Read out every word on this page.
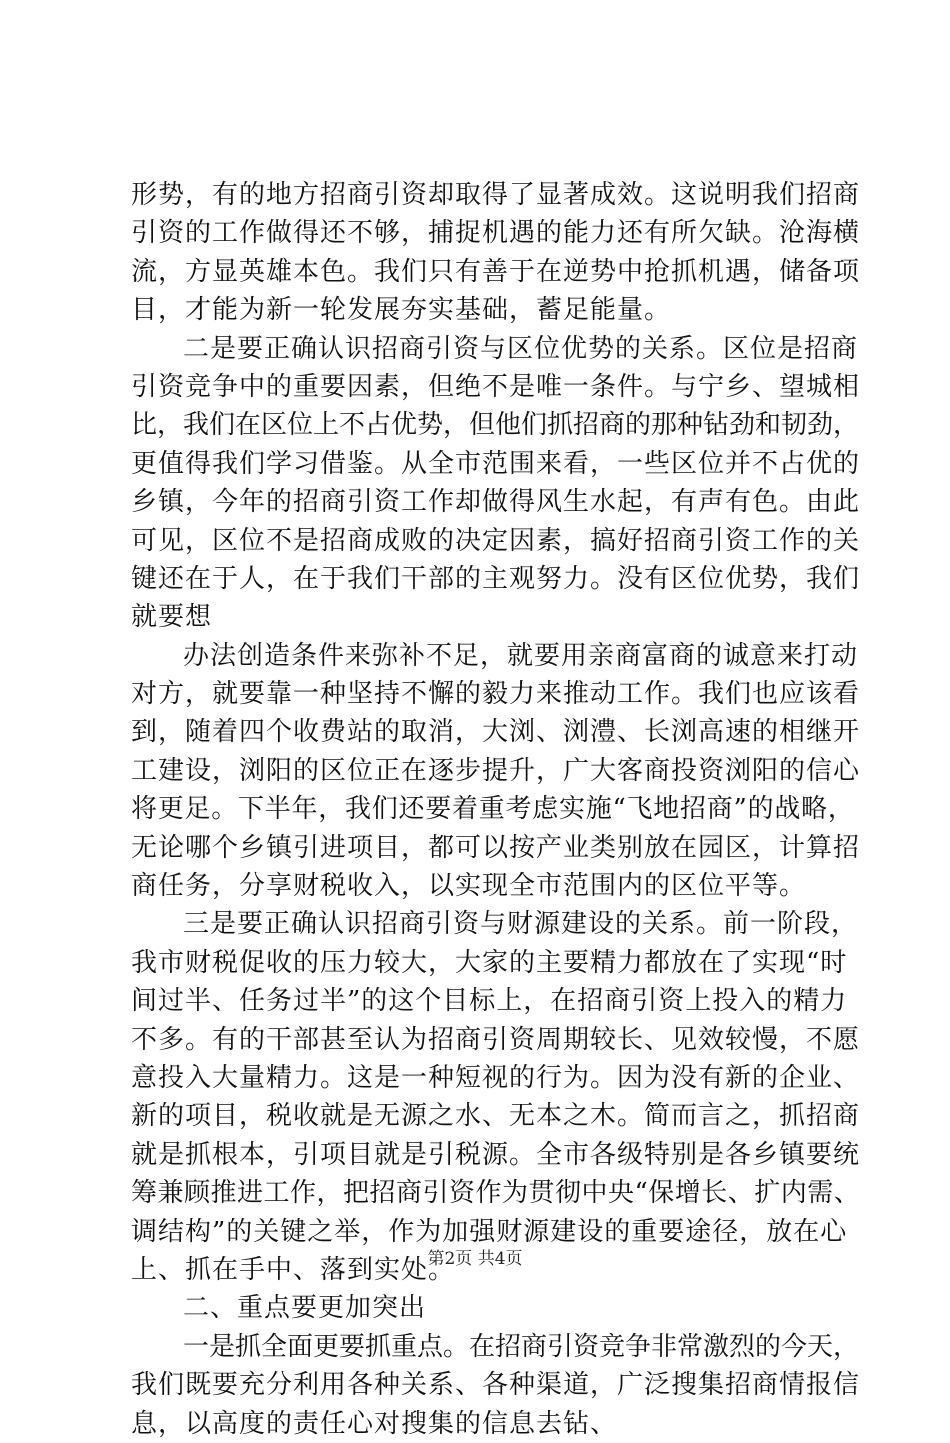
形势，有的地方招商引资却取得了显著成效。这说明我们招商
引资的工作做得还不够，捕捉机遇的能力还有所欠缺。沧海横
流，方显英雄本色。我们只有善于在逆势中抢抓机遇，储备项
目，才能为新一轮发展夯实基础，蓄足能量。
二是要正确认识招商引资与区位优势的关系。区位是招商
引资竞争中的重要因素，但绝不是唯一条件。与宁乡、望城相
比，我们在区位上不占优势，但他们抓招商的那种钻劲和韧劲，
更值得我们学习借鉴。从全市范围来看，一些区位并不占优的
乡镇，今年的招商引资工作却做得风生水起，有声有色。由此
可见，区位不是招商成败的决定因素，搞好招商引资工作的关
键还在于人，在于我们干部的主观努力。没有区位优势，我们
就要想
办法创造条件来弥补不足，就要用亲商富商的诚意来打动
对方，就要靠一种坚持不懈的毅力来推动工作。我们也应该看
到，随着四个收费站的取消，大浏、浏澧、长浏高速的相继开
工建设，浏阳的区位正在逐步提升，广大客商投资浏阳的信心
将更足。下半年，我们还要着重考虑实施“飞地招商”的战略，
无论哪个乡镇引进项目，都可以按产业类别放在园区，计算招
商任务，分享财税收入，以实现全市范围内的区位平等。
三是要正确认识招商引资与财源建设的关系。前一阶段，
我市财税促收的压力较大，大家的主要精力都放在了实现“时
间过半、任务过半”的这个目标上，在招商引资上投入的精力
不多。有的干部甚至认为招商引资周期较长、见效较慢，不愿
意投入大量精力。这是一种短视的行为。因为没有新的企业、
新的项目，税收就是无源之水、无本之木。简而言之，抓招商
就是抓根本，引项目就是引税源。全市各级特别是各乡镇要统
筹兼顾推进工作，把招商引资作为贯彻中央“保增长、扩内需、
调结构”的关键之举，作为加强财源建设的重要途径，放在心
上、抓在手中、落到实处。
二、重点要更加突出
一是抓全面更要抓重点。在招商引资竞争非常激烈的今天，
我们既要充分利用各种关系、各种渠道，广泛搜集招商情报信
息，以高度的责任心对搜集的信息去钻、
第2页 共4页
